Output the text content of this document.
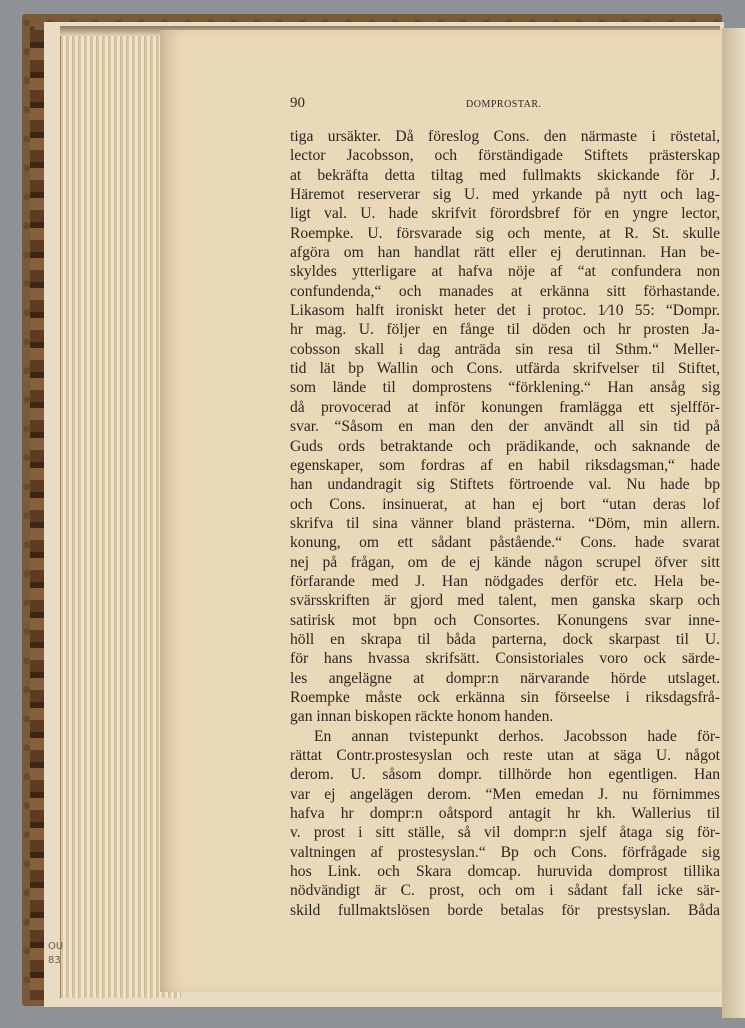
OU
83
90	DOMPROSTAR.
tiga ursäkter. Då föreslog Cons. den närmaste i röstetal,
lector Jacobsson, och förständigade Stiftets prästerskap
at bekräfta detta tiltag med fullmakts skickande för J.
Häremot reserverar sig U. med yrkande på nytt och lag-
ligt val. U. hade skrifvit förordsbref för en yngre lector,
Roempke. U. försvarade sig och mente, at R. St. skulle
afgöra om han handlat rätt eller ej derutinnan. Han be-
skyldes ytterligare at hafva nöje af “at confundera non
confundenda,“ och manades at erkänna sitt förhastande.
Likasom halft ironiskt heter det i protoc. 1⁄10 55: “Dompr.
hr mag. U. följer en fånge til döden och hr prosten Ja-
cobsson skall i dag anträda sin resa til Sthm.“ Meller-
tid lät bp Wallin och Cons. utfärda skrifvelser til Stiftet,
som lände til domprostens “förklening.“ Han ansåg sig
då provocerad at inför konungen framlägga ett sjelfför-
svar. “Såsom en man den der användt all sin tid på
Guds ords betraktande och prädikande, och saknande de
egenskaper, som fordras af en habil riksdagsman,“ hade
han undandragit sig Stiftets förtroende val. Nu hade bp
och Cons. insinuerat, at han ej bort “utan deras lof
skrifva til sina vänner bland prästerna. “Döm, min allern.
konung, om ett sådant påstående.“ Cons. hade svarat
nej på frågan, om de ej kände någon scrupel öfver sitt
förfarande med J. Han nödgades derför etc. Hela be-
svärsskriften är gjord med talent, men ganska skarp och
satirisk mot bpn och Consortes. Konungens svar inne-
höll en skrapa til båda parterna, dock skarpast til U.
för hans hvassa skrifsätt. Consistoriales voro ock särde-
les angelägne at dompr:n närvarande hörde utslaget.
Roempke måste ock erkänna sin förseelse i riksdagsfrå-
gan innan biskopen räckte honom handen.
En annan tvistepunkt derhos. Jacobsson hade för-
rättat Contr.prostesyslan och reste utan at säga U. något
derom. U. såsom dompr. tillhörde hon egentligen. Han
var ej angelägen derom. “Men emedan J. nu förnimmes
hafva hr dompr:n oåtspord antagit hr kh. Wallerius til
v. prost i sitt ställe, så vil dompr:n sjelf åtaga sig för-
valtningen af prostesyslan.“ Bp och Cons. förfrågade sig
hos Link. och Skara domcap. huruvida domprost tillika
nödvändigt är C. prost, och om i sådant fall icke sär-
skild fullmaktslösen borde betalas för prestsyslan. Båda
